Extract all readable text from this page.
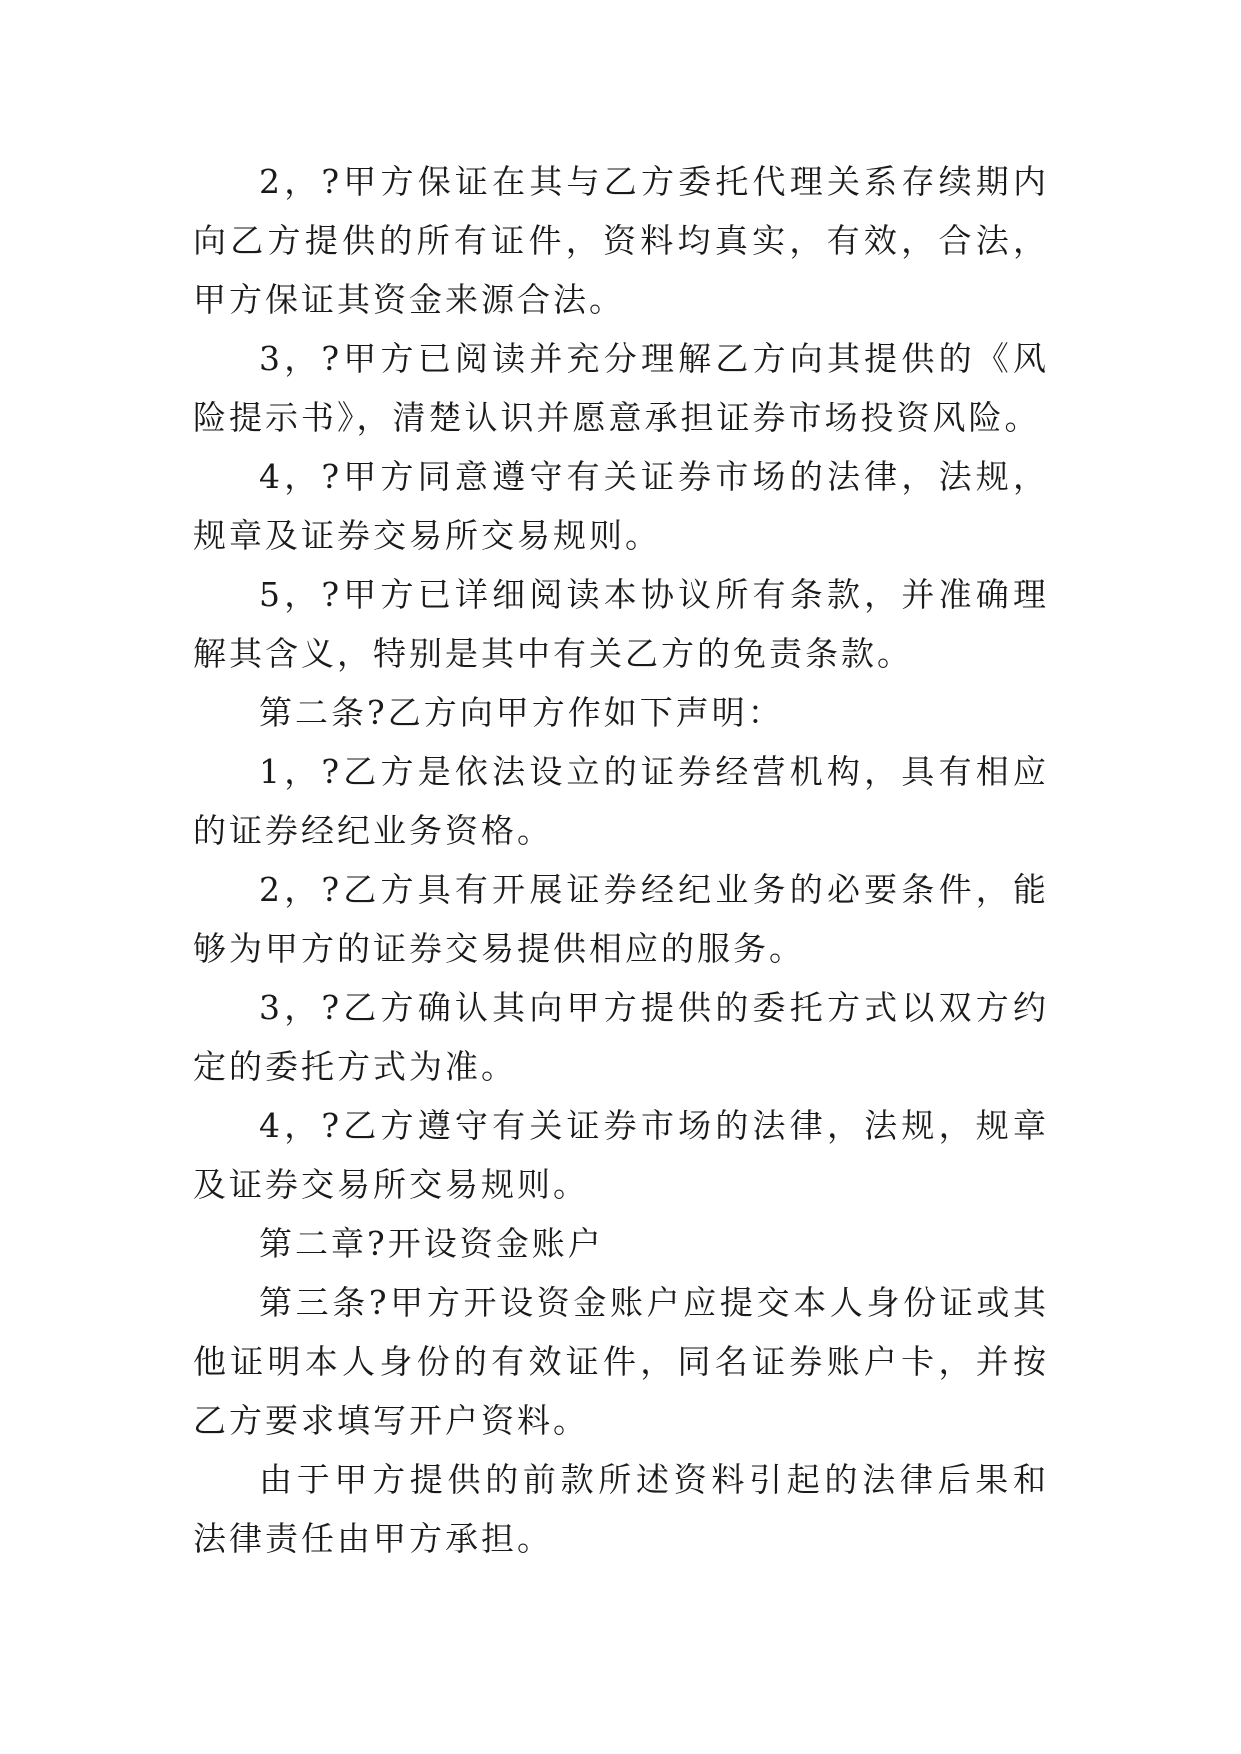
2，?甲方保证在其与乙方委托代理关系存续期内向乙方提供的所有证件，资料均真实，有效，合法，甲方保证其资金来源合法。

3，?甲方已阅读并充分理解乙方向其提供的《风险提示书》，清楚认识并愿意承担证券市场投资风险。

4，?甲方同意遵守有关证券市场的法律，法规，规章及证券交易所交易规则。

5，?甲方已详细阅读本协议所有条款，并准确理解其含义，特别是其中有关乙方的免责条款。

第二条?乙方向甲方作如下声明：

1，?乙方是依法设立的证券经营机构，具有相应的证券经纪业务资格。

2，?乙方具有开展证券经纪业务的必要条件，能够为甲方的证券交易提供相应的服务。

3，?乙方确认其向甲方提供的委托方式以双方约定的委托方式为准。

4，?乙方遵守有关证券市场的法律，法规，规章及证券交易所交易规则。

第二章?开设资金账户

第三条?甲方开设资金账户应提交本人身份证或其他证明本人身份的有效证件，同名证券账户卡，并按乙方要求填写开户资料。

由于甲方提供的前款所述资料引起的法律后果和法律责任由甲方承担。
